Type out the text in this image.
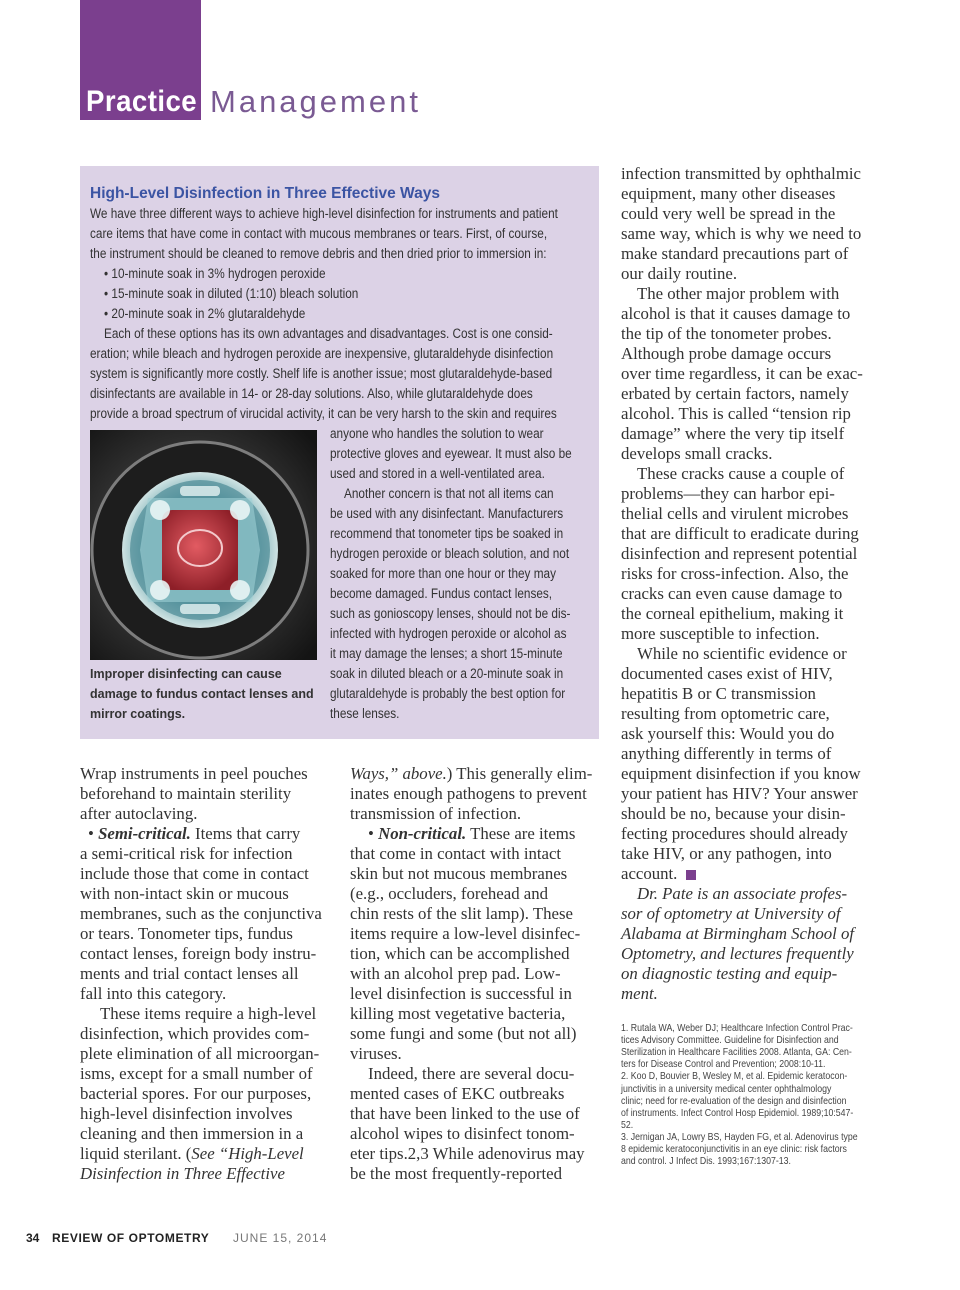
Practice Management
High-Level Disinfection in Three Effective Ways
We have three different ways to achieve high-level disinfection for instruments and patient
care items that have come in contact with mucous membranes or tears. First, of course,
the instrument should be cleaned to remove debris and then dried prior to immersion in:
• 10-minute soak in 3% hydrogen peroxide
• 15-minute soak in diluted (1:10) bleach solution
• 20-minute soak in 2% glutaraldehyde
Each of these options has its own advantages and disadvantages. Cost is one consid-
eration; while bleach and hydrogen peroxide are inexpensive, glutaraldehyde disinfection
system is significantly more costly. Shelf life is another issue; most glutaraldehyde-based
disinfectants are available in 14- or 28-day solutions. Also, while glutaraldehyde does
provide a broad spectrum of virucidal activity, it can be very harsh to the skin and requires
anyone who handles the solution to wear
protective gloves and eyewear. It must also be
used and stored in a well-ventilated area.
Another concern is that not all items can
be used with any disinfectant. Manufacturers
recommend that tonometer tips be soaked in
hydrogen peroxide or bleach solution, and not
soaked for more than one hour or they may
become damaged. Fundus contact lenses,
such as gonioscopy lenses, should not be dis-
infected with hydrogen peroxide or alcohol as
it may damage the lenses; a short 15-minute
soak in diluted bleach or a 20-minute soak in
glutaraldehyde is probably the best option for
these lenses.
Improper disinfecting can cause
damage to fundus contact lenses and
mirror coatings.
Wrap instruments in peel pouches
beforehand to maintain sterility
after autoclaving.
• Semi-critical. Items that carry
a semi-critical risk for infection
include those that come in contact
with non-intact skin or mucous
membranes, such as the conjunctiva
or tears. Tonometer tips, fundus
contact lenses, foreign body instru-
ments and trial contact lenses all
fall into this category.
These items require a high-level
disinfection, which provides com-
plete elimination of all microorgan-
isms, except for a small number of
bacterial spores. For our purposes,
high-level disinfection involves
cleaning and then immersion in a
liquid sterilant. (See “High-Level
Disinfection in Three Effective
Ways,” above.) This generally elim-
inates enough pathogens to prevent
transmission of infection.
• Non-critical. These are items
that come in contact with intact
skin but not mucous membranes
(e.g., occluders, forehead and
chin rests of the slit lamp). These
items require a low-level disinfec-
tion, which can be accomplished
with an alcohol prep pad. Low-
level disinfection is successful in
killing most vegetative bacteria,
some fungi and some (but not all)
viruses.
Indeed, there are several docu-
mented cases of EKC outbreaks
that have been linked to the use of
alcohol wipes to disinfect tonom-
eter tips.2,3 While adenovirus may
be the most frequently-reported
infection transmitted by ophthalmic
equipment, many other diseases
could very well be spread in the
same way, which is why we need to
make standard precautions part of
our daily routine.
The other major problem with
alcohol is that it causes damage to
the tip of the tonometer probes.
Although probe damage occurs
over time regardless, it can be exac-
erbated by certain factors, namely
alcohol. This is called “tension rip
damage” where the very tip itself
develops small cracks.
These cracks cause a couple of
problems—they can harbor epi-
thelial cells and virulent microbes
that are difficult to eradicate during
disinfection and represent potential
risks for cross-infection. Also, the
cracks can even cause damage to
the corneal epithelium, making it
more susceptible to infection.
While no scientific evidence or
documented cases exist of HIV,
hepatitis B or C transmission
resulting from optometric care,
ask yourself this: Would you do
anything differently in terms of
equipment disinfection if you know
your patient has HIV? Your answer
should be no, because your disin-
fecting procedures should already
take HIV, or any pathogen, into
account.
Dr. Pate is an associate profes-
sor of optometry at University of
Alabama at Birmingham School of
Optometry, and lectures frequently
on diagnostic testing and equip-
ment.
1. Rutala WA, Weber DJ; Healthcare Infection Control Prac-
tices Advisory Committee. Guideline for Disinfection and
Sterilization in Healthcare Facilities 2008. Atlanta, GA: Cen-
ters for Disease Control and Prevention; 2008:10-11.
2. Koo D, Bouvier B, Wesley M, et al. Epidemic keratocon-
junctivitis in a university medical center ophthalmology
clinic; need for re-evaluation of the design and disinfection
of instruments. Infect Control Hosp Epidemiol. 1989;10:547-
52.
3. Jernigan JA, Lowry BS, Hayden FG, et al. Adenovirus type
8 epidemic keratoconjunctivitis in an eye clinic: risk factors
and control. J Infect Dis. 1993;167:1307-13.
34 REVIEW OF OPTOMETRY JUNE 15, 2014
